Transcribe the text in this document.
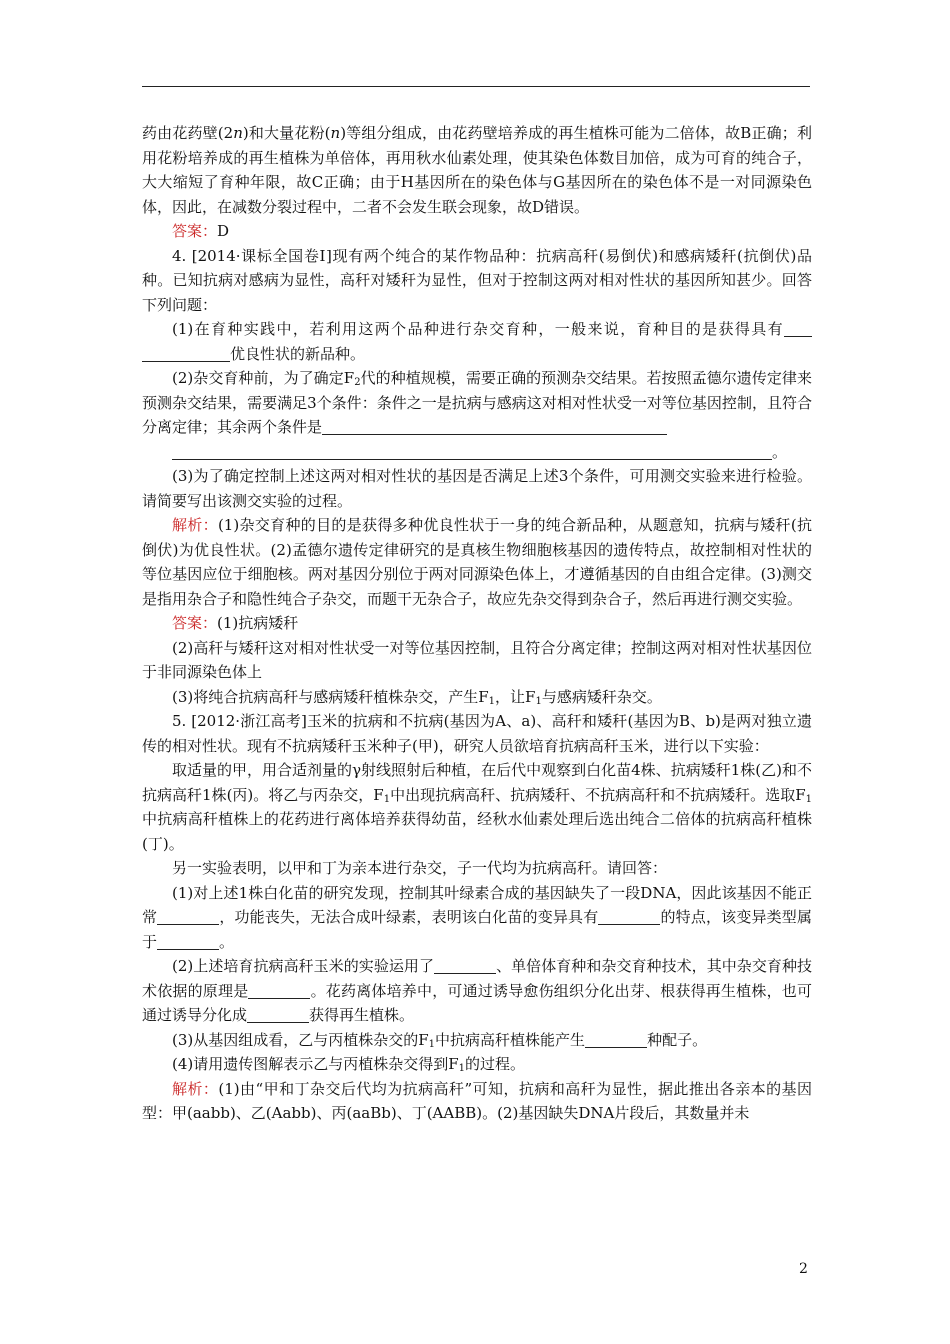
药由花药壁(2n)和大量花粉(n)等组分组成，由花药壁培养成的再生植株可能为二倍体，故B正确；利用花粉培养成的再生植株为单倍体，再用秋水仙素处理，使其染色体数目加倍，成为可育的纯合子，大大缩短了育种年限，故C正确；由于H基因所在的染色体与G基因所在的染色体不是一对同源染色体，因此，在减数分裂过程中，二者不会发生联会现象，故D错误。

答案：D

4. [2014·课标全国卷Ⅰ]现有两个纯合的某作物品种：抗病高秆(易倒伏)和感病矮秆(抗倒伏)品种。已知抗病对感病为显性，高秆对矮秆为显性，但对于控制这两对相对性状的基因所知甚少。回答下列问题：

(1)在育种实践中，若利用这两个品种进行杂交育种，一般来说，育种目的是获得具有优良性状的新品种。

(2)杂交育种前，为了确定$F_2$代的种植规模，需要正确的预测杂交结果。若按照孟德尔遗传定律来预测杂交结果，需要满足3个条件：条件之一是抗病与感病这对相对性状受一对等位基因控制，且符合分离定律；其余两个条件是

。

(3)为了确定控制上述这两对相对性状的基因是否满足上述3个条件，可用测交实验来进行检验。请简要写出该测交实验的过程。

解析：(1)杂交育种的目的是获得多种优良性状于一身的纯合新品种，从题意知，抗病与矮秆(抗倒伏)为优良性状。(2)孟德尔遗传定律研究的是真核生物细胞核基因的遗传特点，故控制相对性状的等位基因应位于细胞核。两对基因分别位于两对同源染色体上，才遵循基因的自由组合定律。(3)测交是指用杂合子和隐性纯合子杂交，而题干无杂合子，故应先杂交得到杂合子，然后再进行测交实验。

答案：(1)抗病矮秆

(2)高秆与矮秆这对相对性状受一对等位基因控制，且符合分离定律；控制这两对相对性状基因位于非同源染色体上

(3)将纯合抗病高秆与感病矮秆植株杂交，产生$F_1$，让$F_1$与感病矮秆杂交。

5. [2012·浙江高考]玉米的抗病和不抗病(基因为A、a)、高秆和矮秆(基因为B、b)是两对独立遗传的相对性状。现有不抗病矮秆玉米种子(甲)，研究人员欲培育抗病高秆玉米，进行以下实验：

取适量的甲，用合适剂量的γ射线照射后种植，在后代中观察到白化苗4株、抗病矮秆1株(乙)和不抗病高秆1株(丙)。将乙与丙杂交，$F_1$中出现抗病高秆、抗病矮秆、不抗病高秆和不抗病矮秆。选取$F_1$中抗病高秆植株上的花药进行离体培养获得幼苗，经秋水仙素处理后选出纯合二倍体的抗病高秆植株(丁)。

另一实验表明，以甲和丁为亲本进行杂交，子一代均为抗病高秆。请回答：

(1)对上述1株白化苗的研究发现，控制其叶绿素合成的基因缺失了一段DNA，因此该基因不能正常	，功能丧失，无法合成叶绿素，表明该白化苗的变异具有	的特点，该变异类型属于	。

(2)上述培育抗病高秆玉米的实验运用了	、单倍体育种和杂交育种技术，其中杂交育种技术依据的原理是	。花药离体培养中，可通过诱导愈伤组织分化出芽、根获得再生植株，也可通过诱导分化成	获得再生植株。

(3)从基因组成看，乙与丙植株杂交的$F_1$中抗病高秆植株能产生	种配子。

(4)请用遗传图解表示乙与丙植株杂交得到$F_1$的过程。

解析：(1)由“甲和丁杂交后代均为抗病高秆”可知，抗病和高秆为显性，据此推出各亲本的基因型：甲(aabb)、乙(Aabb)、丙(aaBb)、丁(AABB)。(2)基因缺失DNA片段后，其数量并未

2
